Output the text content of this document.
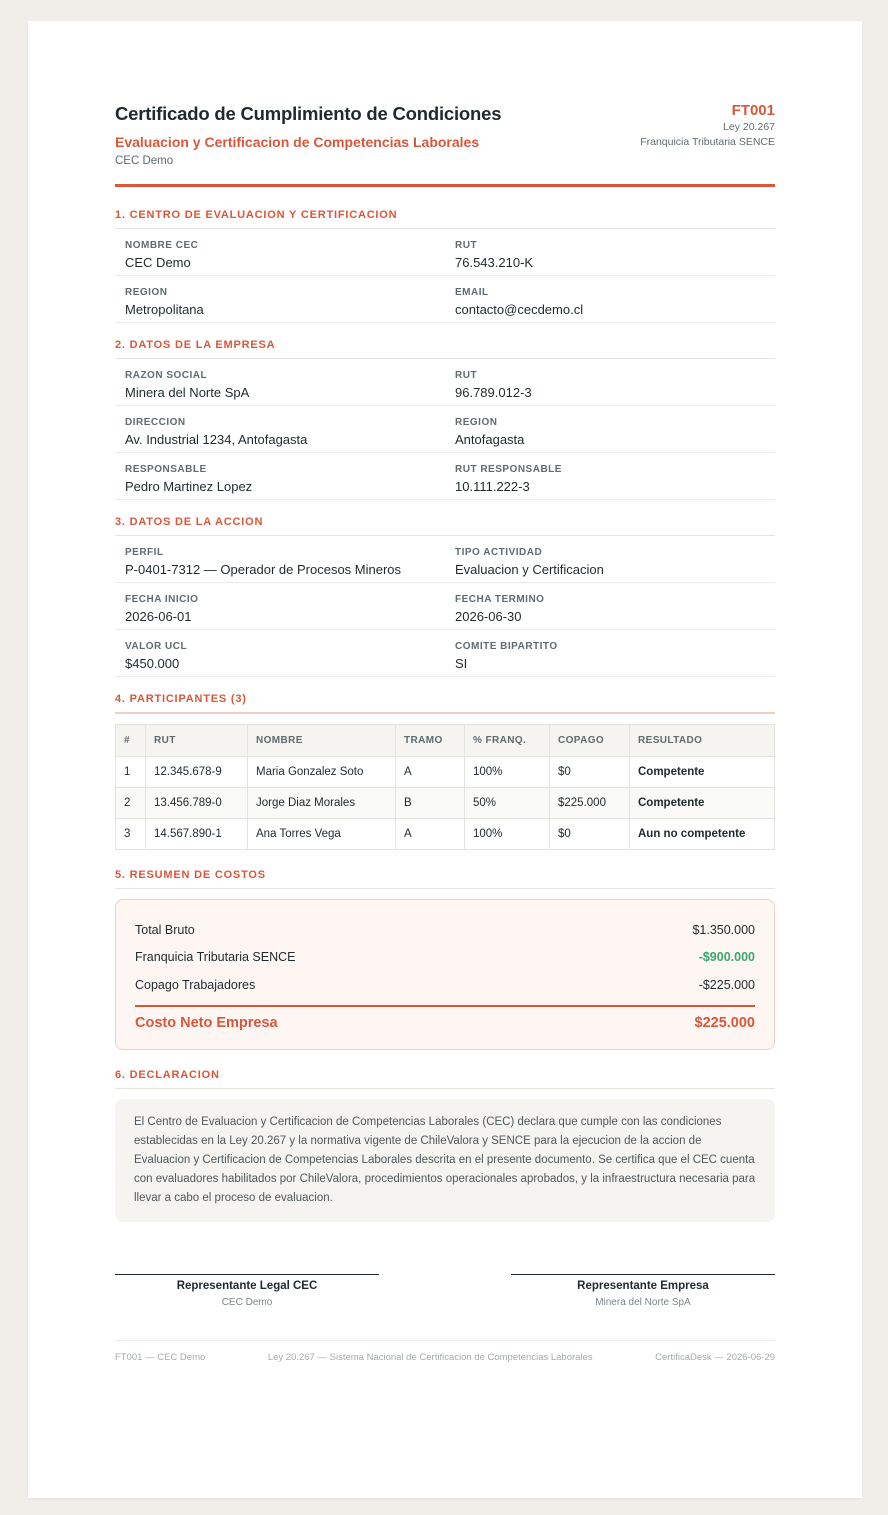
Certificado de Cumplimiento de Condiciones
Evaluacion y Certificacion de Competencias Laborales
CEC Demo
FT001
Ley 20.267
Franquicia Tributaria SENCE
1. CENTRO DE EVALUACION Y CERTIFICACION
NOMBRE CEC
CEC Demo
RUT
76.543.210-K
REGION
Metropolitana
EMAIL
contacto@cecdemo.cl
2. DATOS DE LA EMPRESA
RAZON SOCIAL
Minera del Norte SpA
RUT
96.789.012-3
DIRECCION
Av. Industrial 1234, Antofagasta
REGION
Antofagasta
RESPONSABLE
Pedro Martinez Lopez
RUT RESPONSABLE
10.111.222-3
3. DATOS DE LA ACCION
PERFIL
P-0401-7312 — Operador de Procesos Mineros
TIPO ACTIVIDAD
Evaluacion y Certificacion
FECHA INICIO
2026-06-01
FECHA TERMINO
2026-06-30
VALOR UCL
$450.000
COMITE BIPARTITO
SI
4. PARTICIPANTES (3)
#	RUT	NOMBRE	TRAMO	% FRANQ.	COPAGO	RESULTADO
1	12.345.678-9	Maria Gonzalez Soto	A	100%	$0	Competente
2	13.456.789-0	Jorge Diaz Morales	B	50%	$225.000	Competente
3	14.567.890-1	Ana Torres Vega	A	100%	$0	Aun no competente
5. RESUMEN DE COSTOS
Total Bruto	$1.350.000
Franquicia Tributaria SENCE	-$900.000
Copago Trabajadores	-$225.000
Costo Neto Empresa	$225.000
6. DECLARACION
El Centro de Evaluacion y Certificacion de Competencias Laborales (CEC) declara que cumple con las condiciones establecidas en la Ley 20.267 y la normativa vigente de ChileValora y SENCE para la ejecucion de la accion de Evaluacion y Certificacion de Competencias Laborales descrita en el presente documento. Se certifica que el CEC cuenta con evaluadores habilitados por ChileValora, procedimientos operacionales aprobados, y la infraestructura necesaria para llevar a cabo el proceso de evaluacion.
Representante Legal CEC
CEC Demo
Representante Empresa
Minera del Norte SpA
FT001 — CEC Demo	Ley 20.267 — Sistema Nacional de Certificacion de Competencias Laborales	CertificaDesk — 2026-06-29
